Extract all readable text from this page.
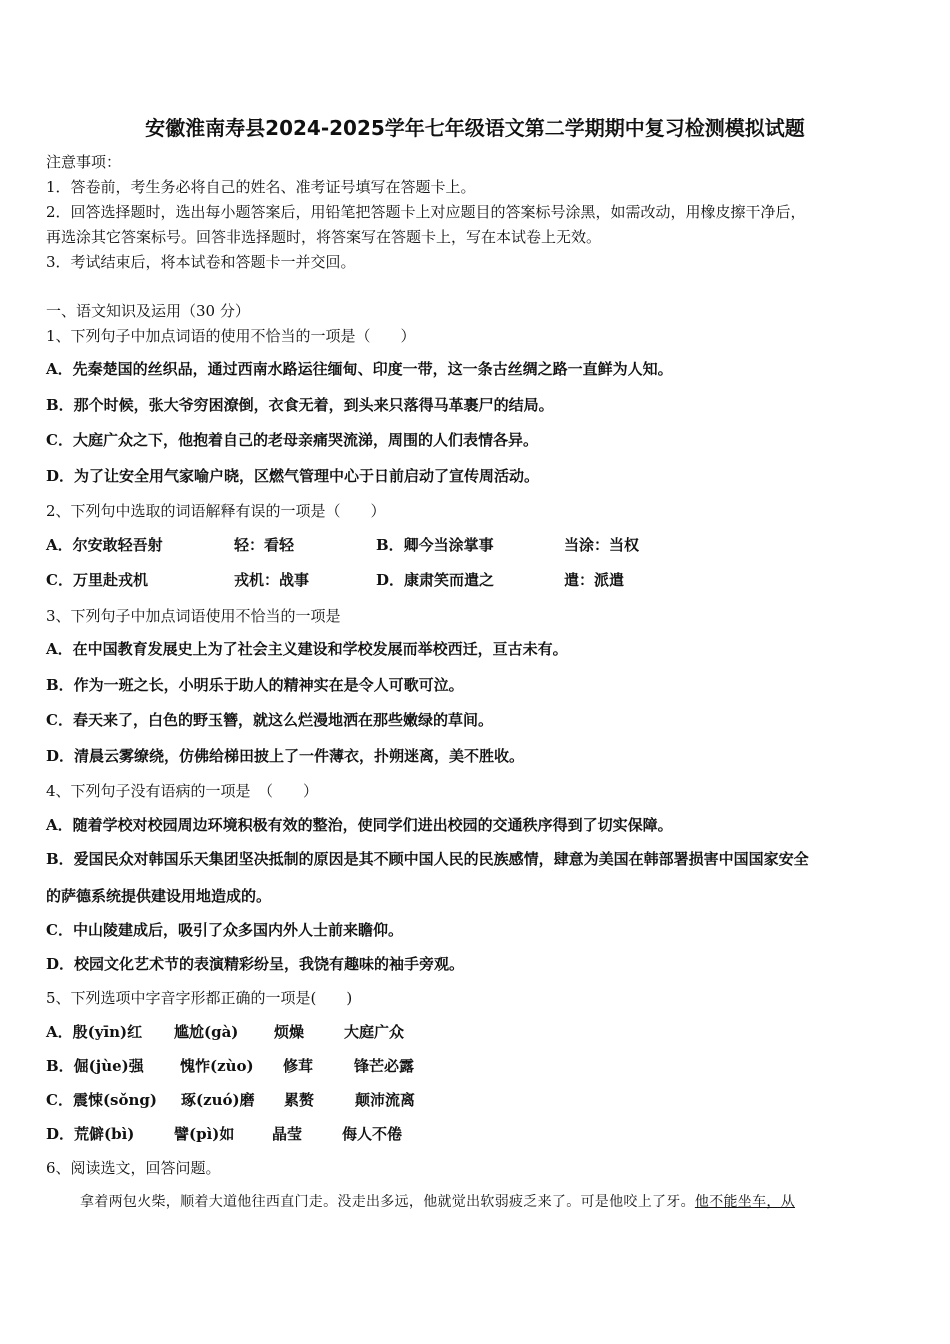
安徽淮南寿县2024-2025学年七年级语文第二学期期中复习检测模拟试题
注意事项：
1．答卷前，考生务必将自己的姓名、准考证号填写在答题卡上。
2．回答选择题时，选出每小题答案后，用铅笔把答题卡上对应题目的答案标号涂黑，如需改动，用橡皮擦干净后，
再选涂其它答案标号。回答非选择题时，将答案写在答题卡上，写在本试卷上无效。
3．考试结束后，将本试卷和答题卡一并交回。
一、语文知识及运用（30 分）
1、下列句子中加点词语的使用不恰当的一项是（　　）
A．先秦楚国的丝织品，通过西南水路运往缅甸、印度一带，这一条古丝绸之路一直鲜为人知。
B．那个时候，张大爷穷困潦倒，衣食无着，到头来只落得马革裹尸的结局。
C．大庭广众之下，他抱着自己的老母亲痛哭流涕，周围的人们表情各异。
D．为了让安全用气家喻户晓，区燃气管理中心于日前启动了宣传周活动。
2、下列句中选取的词语解释有误的一项是（　　）
A．尔安敢轻吾射	轻：看轻	B．卿今当涂掌事	当涂：当权
C．万里赴戎机	戎机：战事	D．康肃笑而遣之	遣：派遣
3、下列句子中加点词语使用不恰当的一项是
A．在中国教育发展史上为了社会主义建设和学校发展而举校西迁，亘古未有。
B．作为一班之长，小明乐于助人的精神实在是令人可歌可泣。
C．春天来了，白色的野玉簪，就这么烂漫地洒在那些嫩绿的草间。
D．清晨云雾缭绕，仿佛给梯田披上了一件薄衣，扑朔迷离，美不胜收。
4、下列句子没有语病的一项是　（　　）
A．随着学校对校园周边环境积极有效的整治，使同学们进出校园的交通秩序得到了切实保障。
B．爱国民众对韩国乐天集团坚决抵制的原因是其不顾中国人民的民族感情，肆意为美国在韩部署损害中国国家安全
的萨德系统提供建设用地造成的。
C．中山陵建成后，吸引了众多国内外人士前来瞻仰。
D．校园文化艺术节的表演精彩纷呈，我饶有趣味的袖手旁观。
5、下列选项中字音字形都正确的一项是(　　)
A．殷(yīn)红 尴尬(gà) 烦燥	大庭广众
B．倔(jùe)强 愧怍(zùo) 修茸	锋芒必露
C．震悚(sǒng) 琢(zuó)磨 累赘	颠沛流离
D．荒僻(bì)	譬(pì)如	晶莹	侮人不倦
6、阅读选文，回答问题。
拿着两包火柴，顺着大道他往西直门走。没走出多远，他就觉出软弱疲乏来了。可是他咬上了牙。他不能坐车，从
